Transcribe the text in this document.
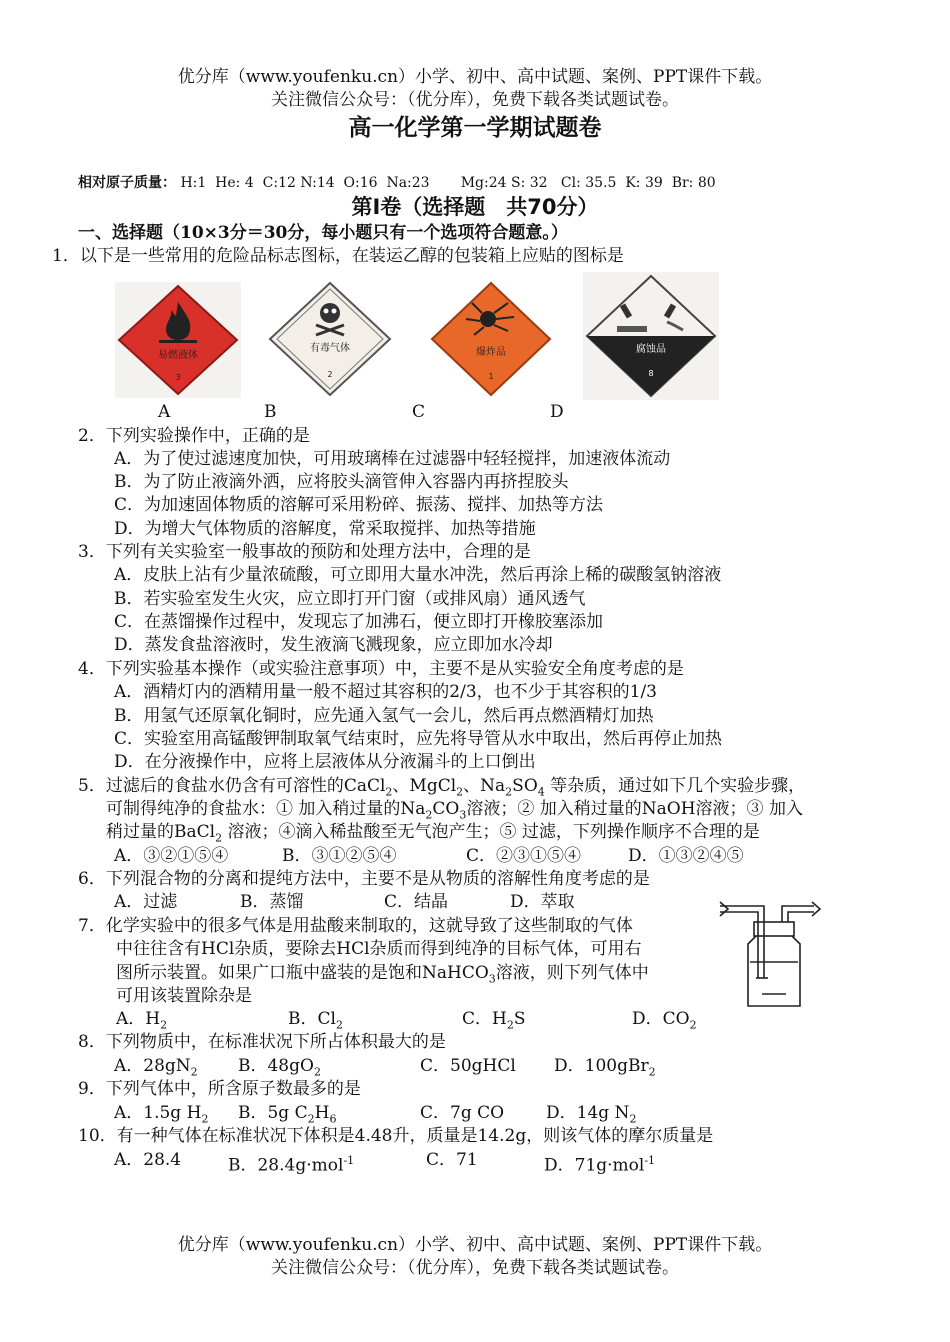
优分库（www.youfenku.cn）小学、初中、高中试题、案例、PPT课件下载。
关注微信公众号：（优分库），免费下载各类试题试卷。
高一化学第一学期试题卷
相对原子质量： H:1  He: 4  C:12 N:14  O:16  Na:23       Mg:24 S: 32   Cl: 35.5  K: 39  Br: 80
第Ⅰ卷（选择题　共70分）
一、选择题（10×3分＝30分，每小题只有一个选项符合题意。）
1．以下是一些常用的危险品标志图标，在装运乙醇的包装箱上应贴的图标是
易燃液体
3
有毒气体
2
爆炸品
1
腐蚀品
8
A	B	C	D
2．下列实验操作中，正确的是
A．为了使过滤速度加快，可用玻璃棒在过滤器中轻轻搅拌，加速液体流动
B．为了防止液滴外洒，应将胶头滴管伸入容器内再挤捏胶头
C．为加速固体物质的溶解可采用粉碎、振荡、搅拌、加热等方法
D．为增大气体物质的溶解度，常采取搅拌、加热等措施
3．下列有关实验室一般事故的预防和处理方法中，合理的是
A．皮肤上沾有少量浓硫酸，可立即用大量水冲洗，然后再涂上稀的碳酸氢钠溶液
B．若实验室发生火灾，应立即打开门窗（或排风扇）通风透气
C．在蒸馏操作过程中，发现忘了加沸石，便立即打开橡胶塞添加
D．蒸发食盐溶液时，发生液滴飞溅现象，应立即加水冷却
4．下列实验基本操作（或实验注意事项）中，主要不是从实验安全角度考虑的是
A．酒精灯内的酒精用量一般不超过其容积的2/3，也不少于其容积的1/3
B．用氢气还原氧化铜时，应先通入氢气一会儿，然后再点燃酒精灯加热
C．实验室用高锰酸钾制取氧气结束时，应先将导管从水中取出，然后再停止加热
D．在分液操作中，应将上层液体从分液漏斗的上口倒出
5．过滤后的食盐水仍含有可溶性的CaCl$_2$、MgCl$_2$、$Na_2SO_4$ 等杂质，通过如下几个实验步骤，
可制得纯净的食盐水：① 加入稍过量的$Na_2CO_3$溶液；② 加入稍过量的NaOH溶液；③ 加入
稍过量的BaCl$_2$ 溶液；④滴入稀盐酸至无气泡产生；⑤ 过滤，下列操作顺序不合理的是
A．③②①⑤④	B．③①②⑤④	C．②③①⑤④	D．①③②④⑤
6．下列混合物的分离和提纯方法中，主要不是从物质的溶解性角度考虑的是
A．过滤	B．蒸馏	C．结晶	D．萃取
7．化学实验中的很多气体是用盐酸来制取的，这就导致了这些制取的气体
中往往含有HCl杂质，要除去HCl杂质而得到纯净的目标气体，可用右
图所示装置。如果广口瓶中盛装的是饱和NaHCO$_3$溶液，则下列气体中
可用该装置除杂是
A．$H_2$	B．$Cl_2$	C．$H_2S$	D．$CO_2$
8．下列物质中，在标准状况下所占体积最大的是
A．$28gN_2$ B．$48gO_2$	C．50gHCl D．100gBr$_2$
9．下列气体中，所含原子数最多的是
A．1.5g $H_2$ B．5g $C_2H_6$	C．7g CO D．14g $N_2$
10．有一种气体在标准状况下体积是4.48升，质量是14.2g，则该气体的摩尔质量是
A．28.4	B．28.4g·mol$^{-1}$	C．71	D．71g·mol$^{-1}$
优分库（www.youfenku.cn）小学、初中、高中试题、案例、PPT课件下载。
关注微信公众号：（优分库），免费下载各类试题试卷。
